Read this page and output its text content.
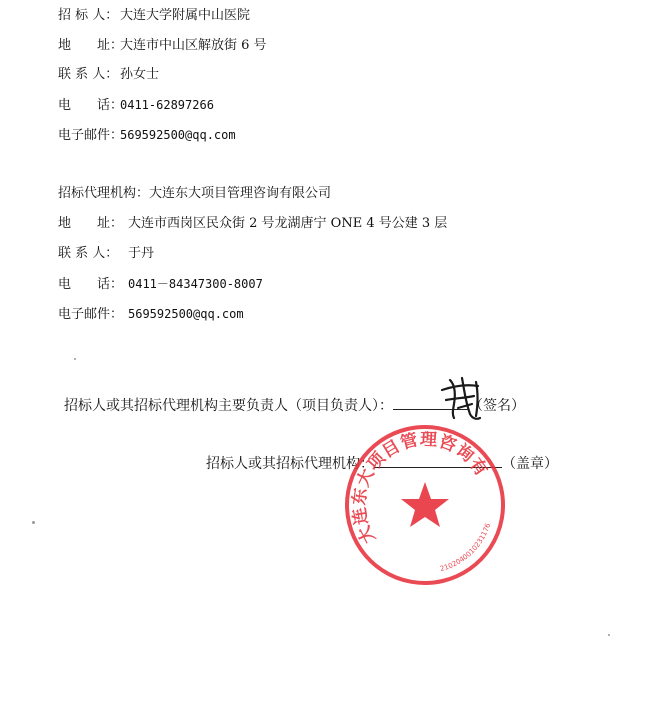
招 标 人： 大连大学附属中山医院
地　　址：大连市中山区解放街 6 号
联 系 人： 孙女士
电　　话：0411-62897266
电子邮件：569592500@qq.com
招标代理机构：大连东大项目管理咨询有限公司
地　　址： 大连市西岗区民众街 2 号龙湖唐宁 ONE 4 号公建 3 层
联 系 人： 于丹
电　　话： 0411－84347300-8007
电子邮件： 569592500@qq.com
招标人或其招标代理机构主要负责人（项目负责人）：	（签名）
招标人或其招标代理机构：	（盖章）
大连东大项目管理咨询有限公司
2102040010231176
